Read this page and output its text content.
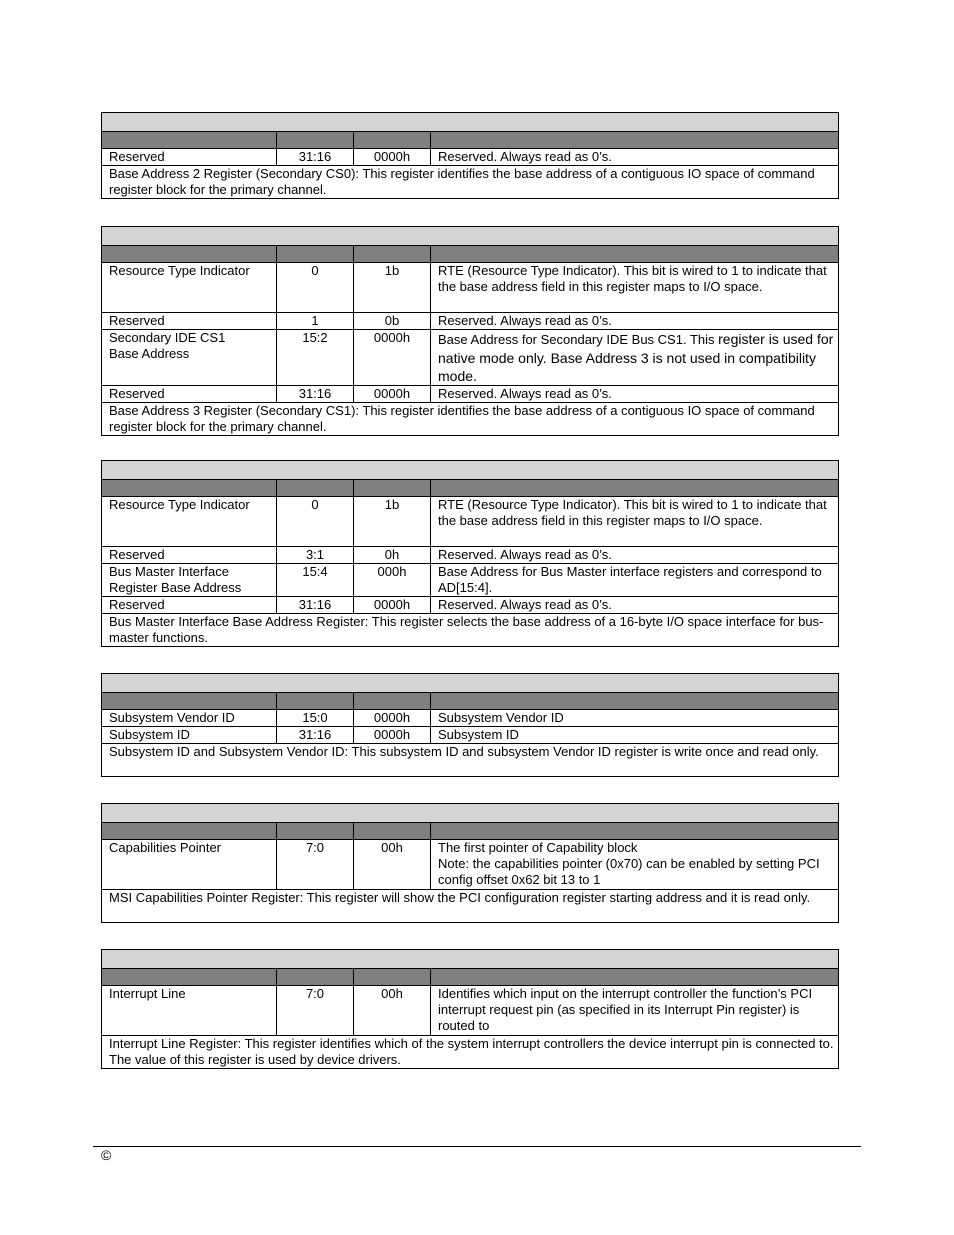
Reserved	31:16	0000h	Reserved. Always read as 0’s.
Base Address 2 Register (Secondary CS0): This register identifies the base address of a contiguous IO space of command register block for the primary channel.			

Resource Type Indicator	0	1b	RTE (Resource Type Indicator). This bit is wired to 1 to indicate that the base address field in this register maps to I/O space.
Reserved	1	0b	Reserved. Always read as 0’s.

Secondary IDE CS1
Base Address	15:2	0000h	Base Address for Secondary IDE Bus CS1. This register is used for native mode only. Base Address 3 is not used in compatibility mode.
Reserved	31:16	0000h	Reserved. Always read as 0’s.
Base Address 3 Register (Secondary CS1): This register identifies the base address of a contiguous IO space of command register block for the primary channel.			

Resource Type Indicator	0	1b	RTE (Resource Type Indicator). This bit is wired to 1 to indicate that the base address field in this register maps to I/O space.
Reserved	3:1	0h	Reserved. Always read as 0’s.

Bus Master Interface
Register Base Address	15:4	000h	Base Address for Bus Master interface registers and correspond to AD[15:4].
Reserved	31:16	0000h	Reserved. Always read as 0’s.
Bus Master Interface Base Address Register: This register selects the base address of a 16-byte I/O space interface for bus-master functions.			

Subsystem Vendor ID	15:0	0000h	Subsystem Vendor ID
Subsystem ID	31:16	0000h	Subsystem ID
Subsystem ID and Subsystem Vendor ID: This subsystem ID and subsystem Vendor ID register is write once and read only.			

Capabilities Pointer	7:0	00h	The first pointer of Capability block
Note: the capabilities pointer (0x70) can be enabled by setting PCI config offset 0x62 bit 13 to 1

MSI Capabilities Pointer Register: This register will show the PCI configuration register starting address and it is read only.			

Interrupt Line	7:0	00h	Identifies which input on the interrupt controller the function’s PCI interrupt request pin (as specified in its Interrupt Pin register) is routed to
Interrupt Line Register: This register identifies which of the system interrupt controllers the device interrupt pin is connected to. The value of this register is used by device drivers.			
©
